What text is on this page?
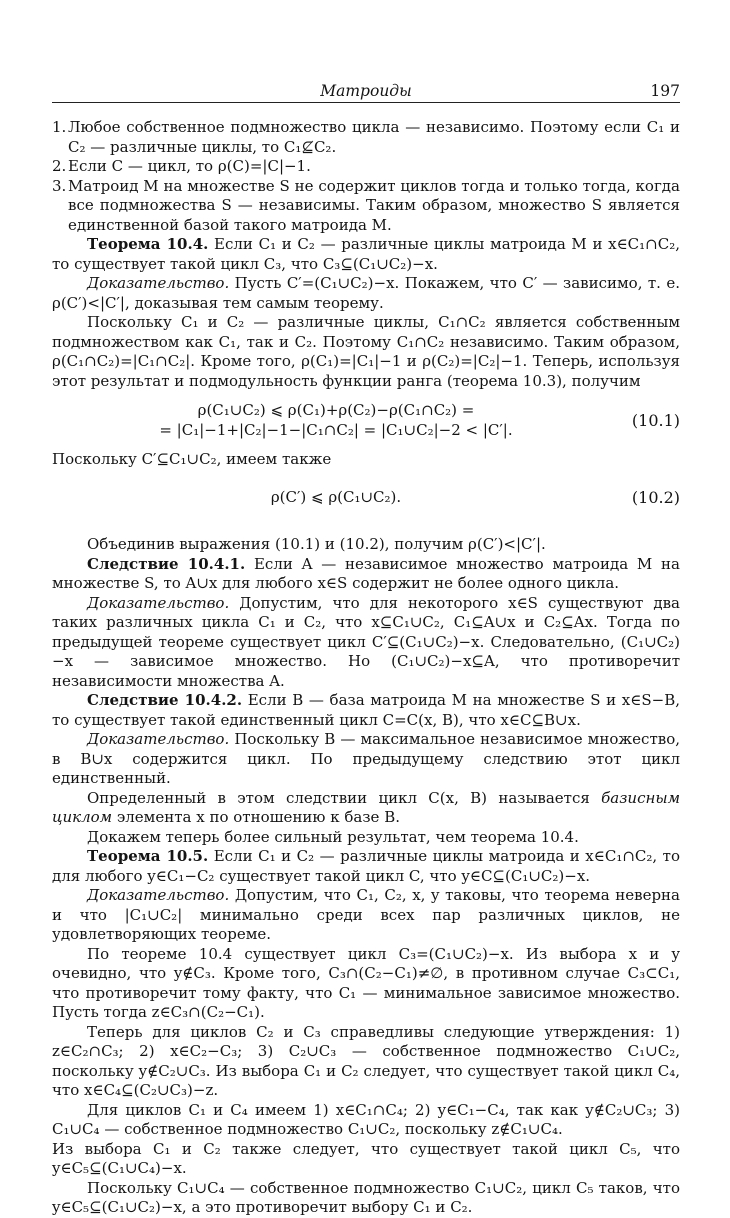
Матроиды	197
1. Любое собственное подмножество цикла — независимо. Поэтому если C₁ и C₂ — различные циклы, то C₁⊈C₂.
2. Если C — цикл, то ρ(C)=|C|−1.
3. Матроид M на множестве S не содержит циклов тогда и только тогда, когда все подмножества S — независимы. Таким образом, множество S является единственной базой такого матроида M.

Теорема 10.4. Если C₁ и C₂ — различные циклы матроида M и x∈C₁∩C₂, то существует такой цикл C₃, что C₃⊆(C₁∪C₂)−x.

Доказательство. Пусть C′=(C₁∪C₂)−x. Покажем, что C′ — зависимо, т. е. ρ(C′)<|C′|, доказывая тем самым теорему.

Поскольку C₁ и C₂ — различные циклы, C₁∩C₂ является собственным подмножеством как C₁, так и C₂. Поэтому C₁∩C₂ независимо. Таким образом, ρ(C₁∩C₂)=|C₁∩C₂|. Кроме того, ρ(C₁)=|C₁|−1 и ρ(C₂)=|C₂|−1. Теперь, используя этот результат и подмодульность функции ранга (теорема 10.3), получим

ρ(C₁∪C₂) ⩽ ρ(C₁)+ρ(C₂)−ρ(C₁∩C₂) =
= |C₁|−1+|C₂|−1−|C₁∩C₂| = |C₁∪C₂|−2 < |C′|.	(10.1)

Поскольку C′⊆C₁∪C₂, имеем также

ρ(C′) ⩽ ρ(C₁∪C₂).	(10.2)

Объединив выражения (10.1) и (10.2), получим ρ(C′)<|C′|.

Следствие 10.4.1. Если A — независимое множество матроида M на множестве S, то A∪x для любого x∈S содержит не более одного цикла.

Доказательство. Допустим, что для некоторого x∈S существуют два таких различных цикла C₁ и C₂, что x⊆C₁∪C₂, C₁⊆A∪x и C₂⊆Ax. Тогда по предыдущей теореме существует цикл C′⊆(C₁∪C₂)−x. Следовательно, (C₁∪C₂)−x — зависимое множество. Но (C₁∪C₂)−x⊆A, что противоречит независимости множества A.

Следствие 10.4.2. Если B — база матроида M на множестве S и x∈S−B, то существует такой единственный цикл C=C(x, B), что x∈C⊆B∪x.

Доказательство. Поскольку B — максимальное независимое множество, в B∪x содержится цикл. По предыдущему следствию этот цикл единственный.

Определенный в этом следствии цикл C(x, B) называется базисным циклом элемента x по отношению к базе B.

Докажем теперь более сильный результат, чем теорема 10.4.

Теорема 10.5. Если C₁ и C₂ — различные циклы матроида и x∈C₁∩C₂, то для любого y∈C₁−C₂ существует такой цикл C, что y∈C⊆(C₁∪C₂)−x.

Доказательство. Допустим, что C₁, C₂, x, y таковы, что теорема неверна и что |C₁∪C₂| минимально среди всех пар различных циклов, не удовлетворяющих теореме.

По теореме 10.4 существует цикл C₃=(C₁∪C₂)−x. Из выбора x и y очевидно, что y∉C₃. Кроме того, C₃∩(C₂−C₁)≠∅, в противном случае C₃⊂C₁, что противоречит тому факту, что C₁ — минимальное зависимое множество. Пусть тогда z∈C₃∩(C₂−C₁).

Теперь для циклов C₂ и C₃ справедливы следующие утверждения: 1) z∈C₂∩C₃; 2) x∈C₂−C₃; 3) C₂∪C₃ — собственное подмножество C₁∪C₂, поскольку y∉C₂∪C₃. Из выбора C₁ и C₂ следует, что существует такой цикл C₄, что x∈C₄⊆(C₂∪C₃)−z.

Для циклов C₁ и C₄ имеем 1) x∈C₁∩C₄; 2) y∈C₁−C₄, так как y∉C₂∪C₃; 3) C₁∪C₄ — собственное подмножество C₁∪C₂, поскольку z∉C₁∪C₄.

Из выбора C₁ и C₂ также следует, что существует такой цикл C₅, что y∈C₅⊆(C₁∪C₄)−x.

Поскольку C₁∪C₄ — собственное подмножество C₁∪C₂, цикл C₅ таков, что y∈C₅⊆(C₁∪C₂)−x, а это противоречит выбору C₁ и C₂.
